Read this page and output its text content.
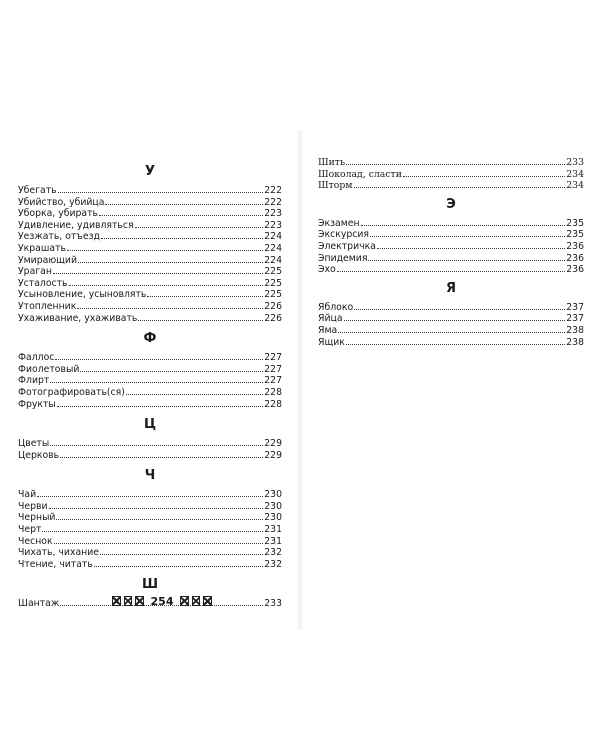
У
Убегать	222
Убийство, убийца	222
Уборка, убирать	223
Удивление, удивляться	223
Уезжать, отъезд	224
Украшать	224
Умирающий	224
Ураган	225
Усталость	225
Усыновление, усыновлять	225
Утопленник	226
Ухаживание, ухаживать	226
Ф
Фаллос	227
Фиолетовый	227
Флирт	227
Фотографировать(ся)	228
Фрукты	228
Ц
Цветы	229
Церковь	229
Ч
Чай	230
Черви	230
Черный	230
Черт	231
Чеснок	231
Чихать, чихание	232
Чтение, читать	232
Ш
Шантаж	233
254
Шить	233
Шоколад, сласти	234
Шторм	234
Э
Экзамен	235
Экскурсия	235
Электричка	236
Эпидемия	236
Эхо	236
Я
Яблоко	237
Яйца	237
Яма	238
Ящик	238
